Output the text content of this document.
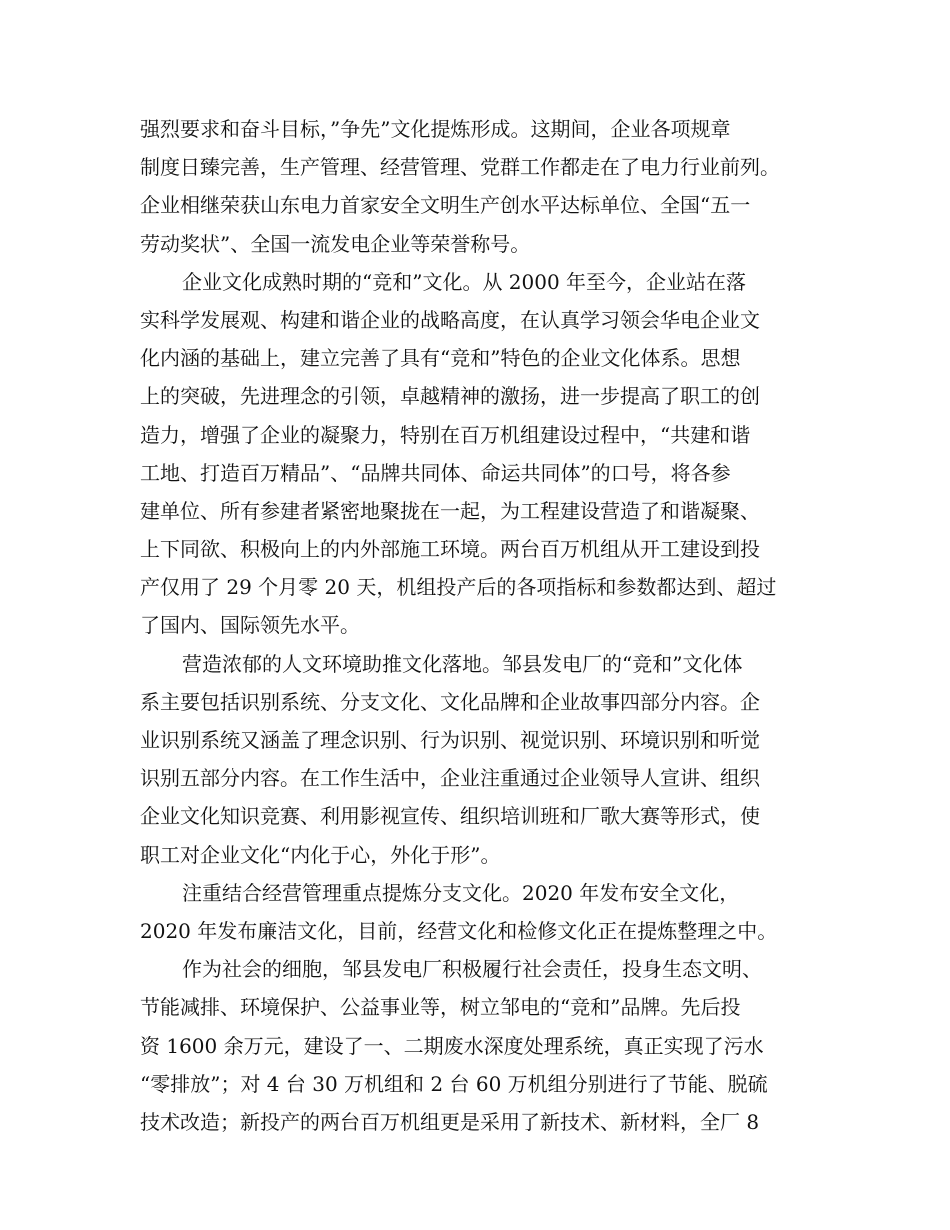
强烈要求和奋斗目标，”争先”文化提炼形成。这期间，企业各项规章
制度日臻完善，生产管理、经营管理、党群工作都走在了电力行业前列。
企业相继荣获山东电力首家安全文明生产创水平达标单位、全国“五一
劳动奖状”、全国一流发电企业等荣誉称号。
企业文化成熟时期的“竞和”文化。从 2000 年至今，企业站在落
实科学发展观、构建和谐企业的战略高度，在认真学习领会华电企业文
化内涵的基础上，建立完善了具有“竞和”特色的企业文化体系。思想
上的突破，先进理念的引领，卓越精神的激扬，进一步提高了职工的创
造力，增强了企业的凝聚力，特别在百万机组建设过程中，“共建和谐
工地、打造百万精品”、“品牌共同体、命运共同体”的口号，将各参
建单位、所有参建者紧密地聚拢在一起，为工程建设营造了和谐凝聚、
上下同欲、积极向上的内外部施工环境。两台百万机组从开工建设到投
产仅用了 29 个月零 20 天，机组投产后的各项指标和参数都达到、超过
了国内、国际领先水平。
营造浓郁的人文环境助推文化落地。邹县发电厂的“竞和”文化体
系主要包括识别系统、分支文化、文化品牌和企业故事四部分内容。企
业识别系统又涵盖了理念识别、行为识别、视觉识别、环境识别和听觉
识别五部分内容。在工作生活中，企业注重通过企业领导人宣讲、组织
企业文化知识竞赛、利用影视宣传、组织培训班和厂歌大赛等形式，使
职工对企业文化“内化于心，外化于形”。
注重结合经营管理重点提炼分支文化。2020 年发布安全文化，
2020 年发布廉洁文化，目前，经营文化和检修文化正在提炼整理之中。
作为社会的细胞，邹县发电厂积极履行社会责任，投身生态文明、
节能减排、环境保护、公益事业等，树立邹电的“竞和”品牌。先后投
资 1600 余万元，建设了一、二期废水深度处理系统，真正实现了污水
“零排放”；对 4 台 30 万机组和 2 台 60 万机组分别进行了节能、脱硫
技术改造；新投产的两台百万机组更是采用了新技术、新材料，全厂 8
